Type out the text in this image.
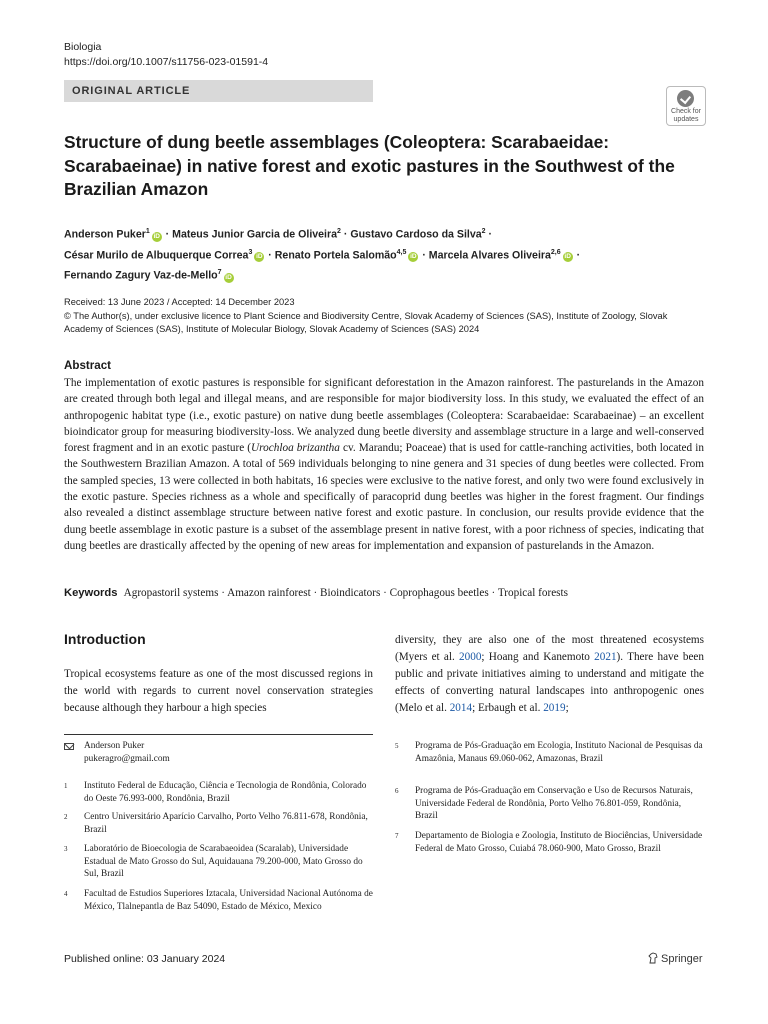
Biologia
https://doi.org/10.1007/s11756-023-01591-4
ORIGINAL ARTICLE
Check for
updates
Structure of dung beetle assemblages (Coleoptera: Scarabaeidae: Scarabaeinae) in native forest and exotic pastures in the Southwest of the Brazilian Amazon
Anderson Puker$^1$iD · Mateus Junior Garcia de Oliveira$^2$ · Gustavo Cardoso da Silva$^2$ ·
César Murilo de Albuquerque Correa$^3$iD · Renato Portela Salomão$^{4,5}$iD · Marcela Alvares Oliveira$^{2,6}$iD ·
Fernando Zagury Vaz-de-Mello$^7$iD
Received: 13 June 2023 / Accepted: 14 December 2023
© The Author(s), under exclusive licence to Plant Science and Biodiversity Centre, Slovak Academy of Sciences (SAS), Institute of Zoology, Slovak Academy of Sciences (SAS), Institute of Molecular Biology, Slovak Academy of Sciences (SAS) 2024
Abstract
The implementation of exotic pastures is responsible for significant deforestation in the Amazon rainforest. The pasturelands in the Amazon are created through both legal and illegal means, and are responsible for major biodiversity loss. In this study, we evaluated the effect of an anthropogenic habitat type (i.e., exotic pasture) on native dung beetle assemblages (Coleoptera: Scarabaeidae: Scarabaeinae) – an excellent bioindicator group for measuring biodiversity-loss. We analyzed dung beetle diversity and assemblage structure in a large and well-conserved forest fragment and in an exotic pasture (Urochloa brizantha cv. Marandu; Poaceae) that is used for cattle-ranching activities, both located in the Southwestern Brazilian Amazon. A total of 569 individuals belonging to nine genera and 31 species of dung beetles were collected. From the sampled species, 13 were collected in both habitats, 16 species were exclusive to the native forest, and only two were found exclusively in the exotic pasture. Species richness as a whole and specifically of paracoprid dung beetles was higher in the forest fragment. Our findings also revealed a distinct assemblage structure between native forest and exotic pasture. In conclusion, our results provide evidence that the dung beetle assemblage in exotic pasture is a subset of the assemblage present in native forest, with a poor richness of species, indicating that dung beetles are drastically affected by the opening of new areas for implementation and expansion of pasturelands in the Amazon.
Keywords Agropastoril systems · Amazon rainforest · Bioindicators · Coprophagous beetles · Tropical forests
Introduction
Tropical ecosystems feature as one of the most discussed regions in the world with regards to current novel conservation strategies because although they harbour a high species
diversity, they are also one of the most threatened ecosystems (Myers et al. 2000; Hoang and Kanemoto 2021). There have been public and private initiatives aiming to understand and mitigate the effects of converting natural landscapes into anthropogenic ones (Melo et al. 2014; Erbaugh et al. 2019;
Anderson Puker
pukeragro@gmail.com
1 Instituto Federal de Educação, Ciência e Tecnologia de Rondônia, Colorado do Oeste 76.993-000, Rondônia, Brazil
2 Centro Universitário Aparício Carvalho, Porto Velho 76.811-678, Rondônia, Brazil
3 Laboratório de Bioecologia de Scarabaeoidea (Scaralab), Universidade Estadual de Mato Grosso do Sul, Aquidauana 79.200-000, Mato Grosso do Sul, Brazil
4 Facultad de Estudios Superiores Iztacala, Universidad Nacional Autónoma de México, Tlalnepantla de Baz 54090, Estado de México, Mexico
5 Programa de Pós-Graduação em Ecologia, Instituto Nacional de Pesquisas da Amazônia, Manaus 69.060-062, Amazonas, Brazil
6 Programa de Pós-Graduação em Conservação e Uso de Recursos Naturais, Universidade Federal de Rondônia, Porto Velho 76.801-059, Rondônia, Brazil
7 Departamento de Biologia e Zoologia, Instituto de Biociências, Universidade Federal de Mato Grosso, Cuiabá 78.060-900, Mato Grosso, Brazil
Published online: 03 January 2024	Springer
